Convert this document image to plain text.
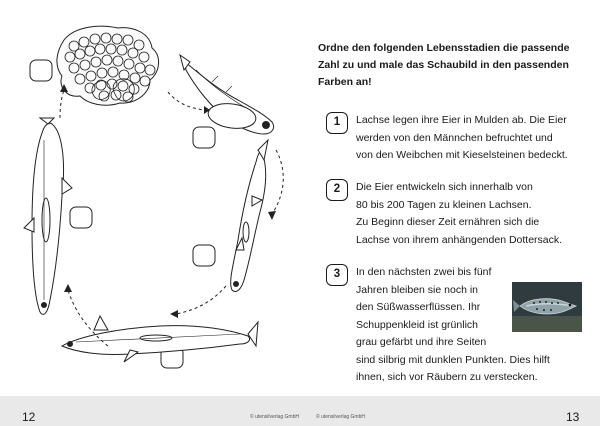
Ordne den folgenden Lebensstadien die passende Zahl zu und male das Schaubild in den passenden Farben an!

1	Lachse legen ihre Eier in Mulden ab. Die Eier
werden von den Männchen befruchtet und
von den Weibchen mit Kieselsteinen bedeckt.

2	Die Eier entwickeln sich innerhalb von
80 bis 200 Tagen zu kleinen Lachsen.
Zu Beginn dieser Zeit ernähren sich die
Lachse von ihrem anhängenden Dottersack.

3	In den nächsten zwei bis fünf
Jahren bleiben sie noch in
den Süßwasserflüssen. Ihr
Schuppenkleid ist grünlich
grau gefärbt und ihre Seiten
sind silbrig mit dunklen Punkten. Dies hilft
ihnen, sich vor Räubern zu verstecken.

12	© utensilverlag GmbH	© utensilverlag GmbH	13
